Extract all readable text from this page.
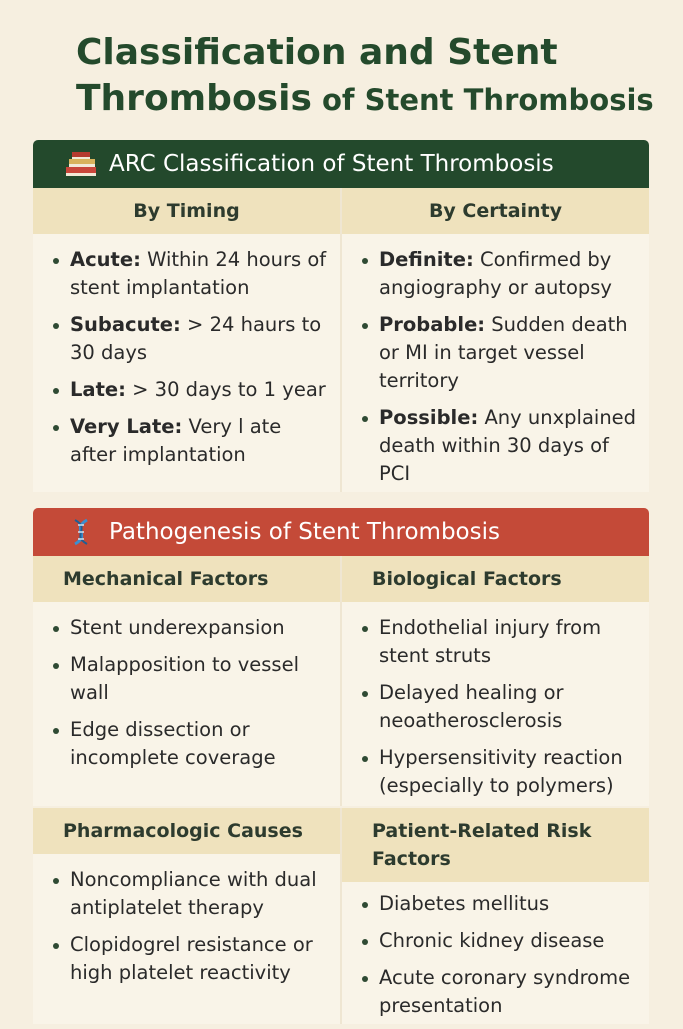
Classification and Stent
Thrombosis of Stent Thrombosis
ARC Classification of Stent Thrombosis
By Timing
Acute: Within 24 hours of stent implantation
Subacute: > 24 haurs to 30 days
Late: > 30 days to 1 year
Very Late: Very l ate after implantation
By Certainty
Definite: Confirmed by angiography or autopsy
Probable: Sudden death or MI in target vessel territory
Possible: Any unxplained death within 30 days of PCI
Pathogenesis of Stent Thrombosis
Mechanical Factors
Stent underexpansion
Malapposition to vessel wall
Edge dissection or incomplete coverage
Biological Factors
Endothelial injury from stent struts
Delayed healing or neoatherosclerosis
Hypersensitivity reaction (especially to polymers)
Pharmacologic Causes
Noncompliance with dual antiplatelet therapy
Clopidogrel resistance or high platelet reactivity
Patient-Related Risk Factors
Diabetes mellitus
Chronic kidney disease
Acute coronary syndrome presentation
